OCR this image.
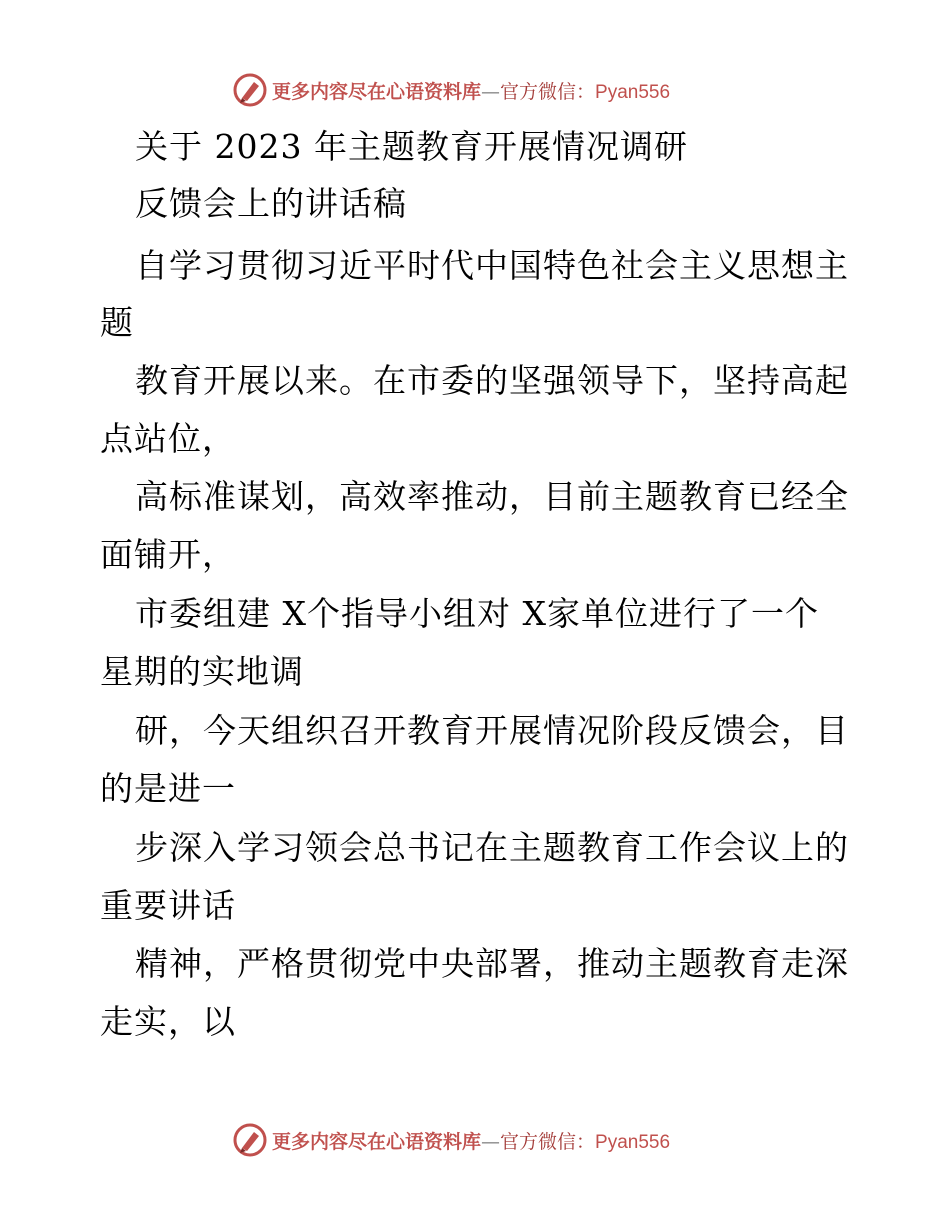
更多内容尽在心语资料库—官方微信：Pyan556
关于 2023 年主题教育开展情况调研
反馈会上的讲话稿
自学习贯彻习近平时代中国特色社会主义思想主
题
教育开展以来。在市委的坚强领导下，坚持高起
点站位，
高标准谋划，高效率推动，目前主题教育已经全
面铺开，
市委组建 X个指导小组对 X家单位进行了一个
星期的实地调
研，今天组织召开教育开展情况阶段反馈会，目
的是进一
步深入学习领会总书记在主题教育工作会议上的
重要讲话
精神，严格贯彻党中央部署，推动主题教育走深
走实，以
更多内容尽在心语资料库—官方微信：Pyan556
